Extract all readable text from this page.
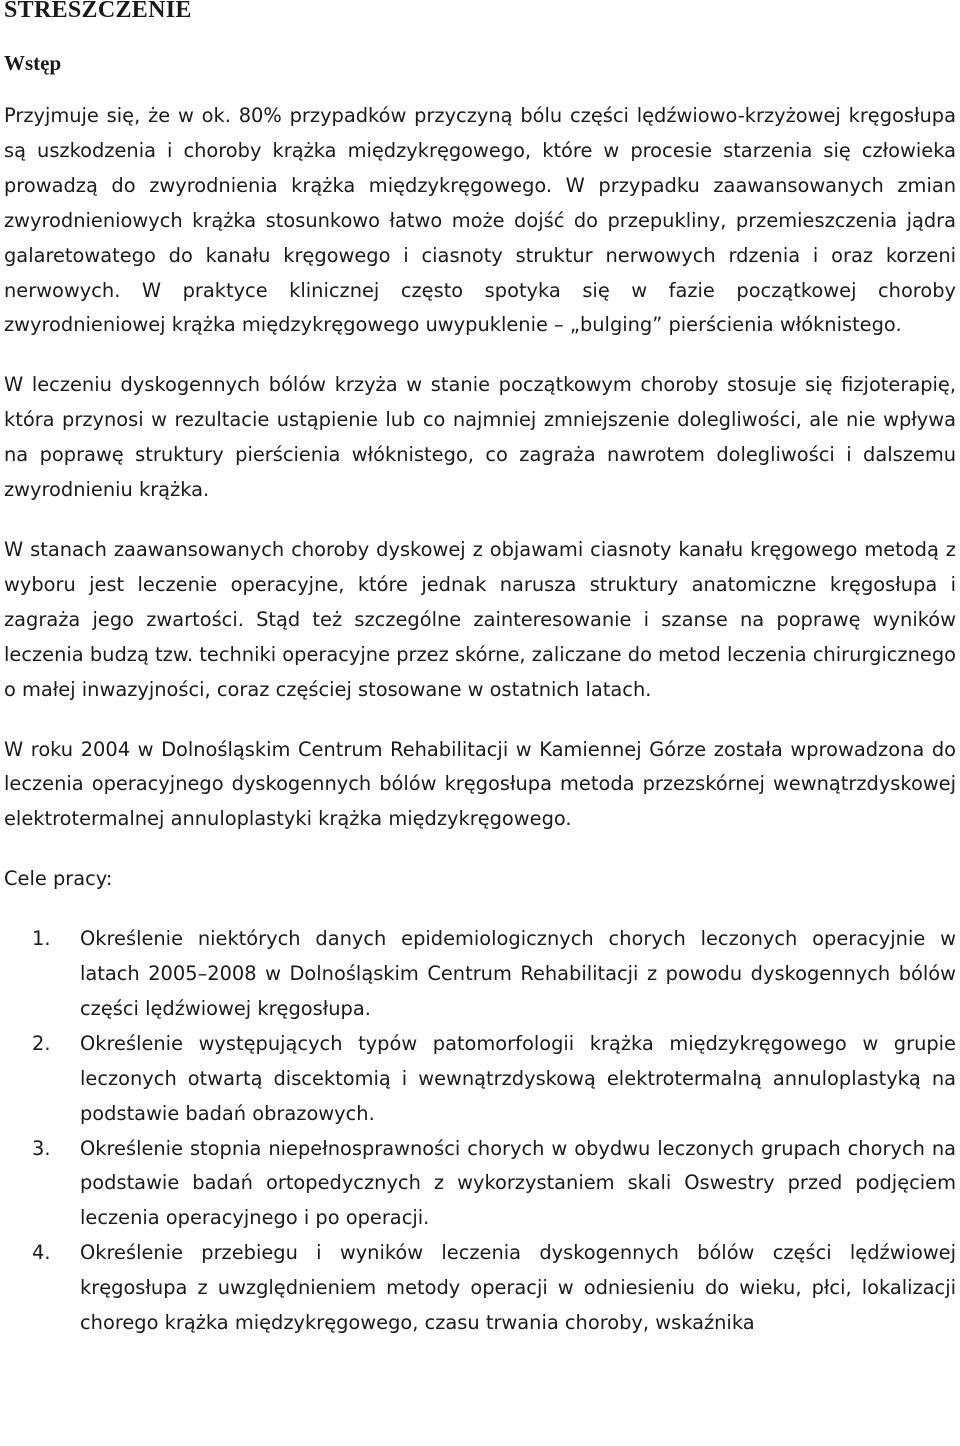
STRESZCZENIE
Wstęp

Przyjmuje się, że w ok. 80% przypadków przyczyną bólu części lędźwiowo-krzyżowej kręgosłupa są uszkodzenia i choroby krążka międzykręgowego, które w procesie starzenia się człowieka prowadzą do zwyrodnienia krążka międzykręgowego. W przypadku zaawansowanych zmian zwyrodnieniowych krążka stosunkowo łatwo może dojść do przepukliny, przemieszczenia jądra galaretowatego do kanału kręgowego i ciasnoty struktur nerwowych rdzenia i oraz korzeni nerwowych. W praktyce klinicznej często spotyka się w fazie początkowej choroby zwyrodnieniowej krążka międzykręgowego uwypuklenie – „bulging” pierścienia włóknistego.

W leczeniu dyskogennych bólów krzyża w stanie początkowym choroby stosuje się fizjoterapię, która przynosi w rezultacie ustąpienie lub co najmniej zmniejszenie dolegliwości, ale nie wpływa na poprawę struktury pierścienia włóknistego, co zagraża nawrotem dolegliwości i dalszemu zwyrodnieniu krążka.

W stanach zaawansowanych choroby dyskowej z objawami ciasnoty kanału kręgowego metodą z wyboru jest leczenie operacyjne, które jednak narusza struktury anatomiczne kręgosłupa i zagraża jego zwartości. Stąd też szczególne zainteresowanie i szanse na poprawę wyników leczenia budzą tzw. techniki operacyjne przez skórne, zaliczane do metod leczenia chirurgicznego o małej inwazyjności, coraz częściej stosowane w ostatnich latach.

W roku 2004 w Dolnośląskim Centrum Rehabilitacji w Kamiennej Górze została wprowadzona do leczenia operacyjnego dyskogennych bólów kręgosłupa metoda przezskórnej wewnątrzdyskowej elektrotermalnej annuloplastyki krążka międzykręgowego.

Cele pracy:

1.	Określenie niektórych danych epidemiologicznych chorych leczonych operacyjnie w latach 2005–2008 w Dolnośląskim Centrum Rehabilitacji z powodu dyskogennych bólów części lędźwiowej kręgosłupa.
2.	Określenie występujących typów patomorfologii krążka międzykręgowego w grupie leczonych otwartą discektomią i wewnątrzdyskową elektrotermalną annuloplastyką na podstawie badań obrazowych.
3.	Określenie stopnia niepełnosprawności chorych w obydwu leczonych grupach chorych na podstawie badań ortopedycznych z wykorzystaniem skali Oswestry przed podjęciem leczenia operacyjnego i po operacji.
4.	Określenie przebiegu i wyników leczenia dyskogennych bólów części lędźwiowej kręgosłupa z uwzględnieniem metody operacji w odniesieniu do wieku, płci, lokalizacji chorego krążka międzykręgowego, czasu trwania choroby, wskaźnika
